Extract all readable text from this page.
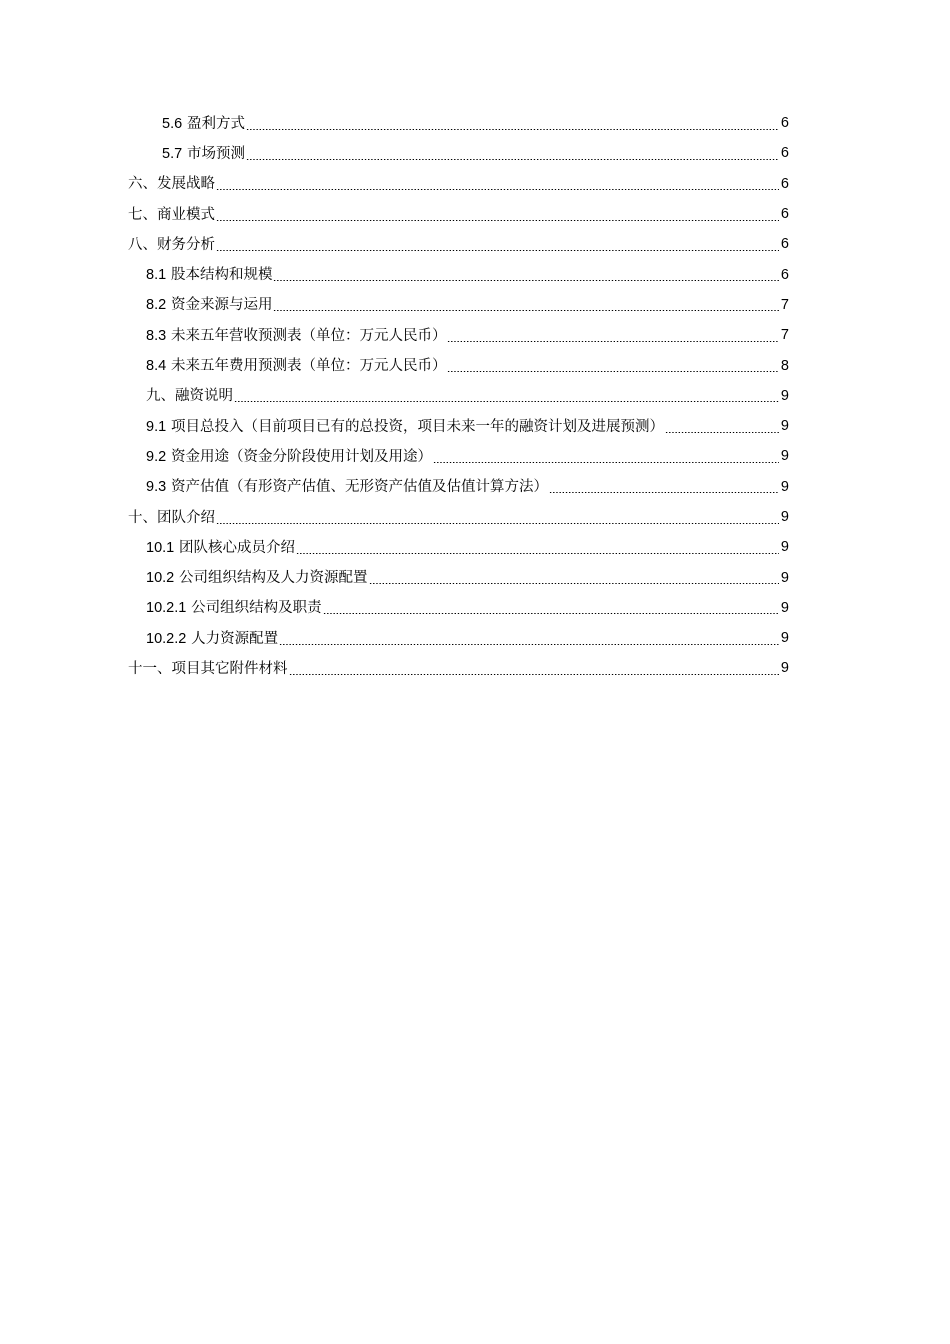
5.6 盈利方式	6
5.7 市场预测	6
六、发展战略	6
七、商业模式	6
八、财务分析	6
8.1 股本结构和规模	6
8.2 资金来源与运用	7
8.3 未来五年营收预测表（单位：万元人民币）	7
8.4 未来五年费用预测表（单位：万元人民币）	8
九、融资说明	9
9.1 项目总投入（目前项目已有的总投资，项目未来一年的融资计划及进展预测）	9
9.2 资金用途（资金分阶段使用计划及用途）	9
9.3 资产估值（有形资产估值、无形资产估值及估值计算方法）	9
十、团队介绍	9
10.1 团队核心成员介绍	9
10.2 公司组织结构及人力资源配置	9
10.2.1 公司组织结构及职责	9
10.2.2 人力资源配置	9
十一、项目其它附件材料	9
